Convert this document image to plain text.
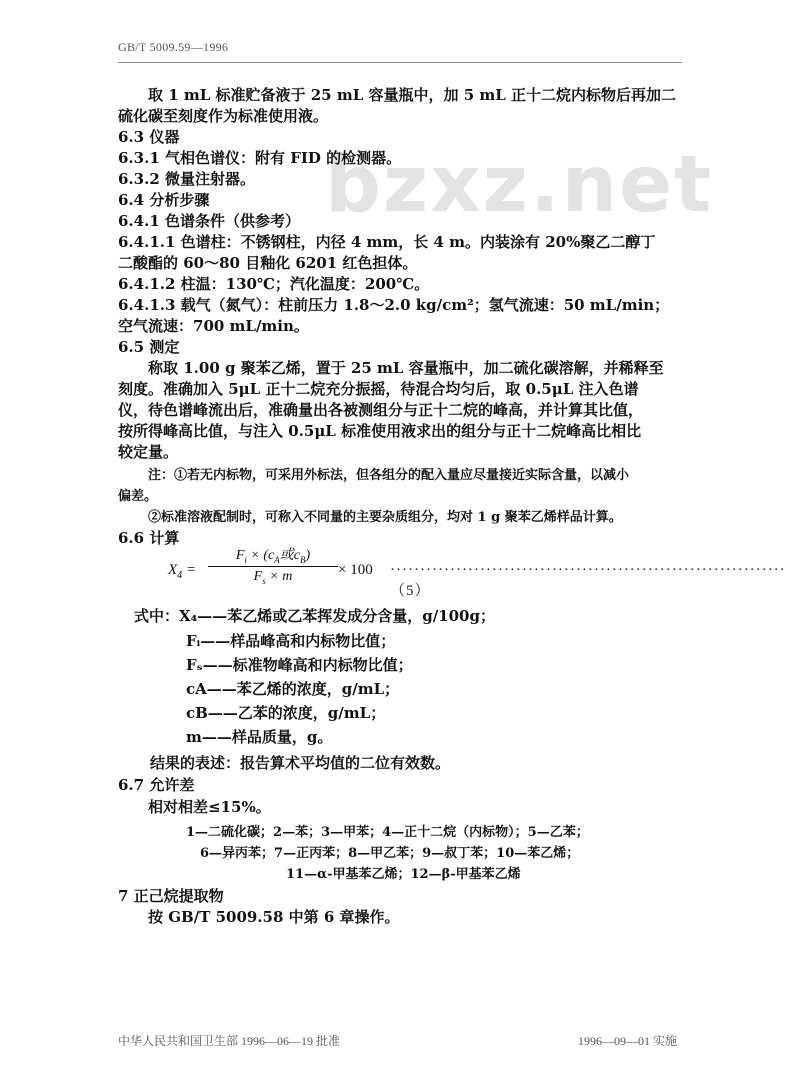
GB/T 5009.59—1996
bzxz.net
取 1 mL 标准贮备液于 25 mL 容量瓶中，加 5 mL 正十二烷内标物后再加二
硫化碳至刻度作为标准使用液。
6.3 仪器
6.3.1 气相色谱仪：附有 FID 的检测器。
6.3.2 微量注射器。
6.4 分析步骤
6.4.1 色谱条件（供参考）
6.4.1.1 色谱柱：不锈钢柱，内径 4 mm，长 4 m。内装涂有 20%聚乙二醇丁
二酸酯的 60～80 目釉化 6201 红色担体。
6.4.1.2 柱温：130℃；汽化温度：200℃。
6.4.1.3 载气（氮气）：柱前压力 1.8～2.0 kg/cm²；氢气流速：50 mL/min；
空气流速：700 mL/min。
6.5 测定
称取 1.00 g 聚苯乙烯，置于 25 mL 容量瓶中，加二硫化碳溶解，并稀释至
刻度。准确加入 5μL 正十二烷充分振摇，待混合均匀后，取 0.5μL 注入色谱
仪，待色谱峰流出后，准确量出各被测组分与正十二烷的峰高，并计算其比值，
按所得峰高比值，与注入 0.5μL 标准使用液求出的组分与正十二烷峰高比相比
较定量。
注：①若无内标物，可采用外标法，但各组分的配入量应尽量接近实际含量，以减小
偏差。
②标准溶液配制时，可称入不同量的主要杂质组分，均对 1 g 聚苯乙烯样品计算。
6.6 计算
$X_4$ =
$F_i \times (c_A$或$c_B$)
$F_s \times m$	× 100 ··································································（5）
式中：X₄——苯乙烯或乙苯挥发成分含量，g/100g；
Fᵢ——样品峰高和内标物比值；
Fₛ——标准物峰高和内标物比值；
cA——苯乙烯的浓度，g/mL；
cB——乙苯的浓度，g/mL；
m——样品质量，g。
结果的表述：报告算术平均值的二位有效数。
6.7 允许差
相对相差≤15%。
1—二硫化碳；2—苯；3—甲苯；4—正十二烷（内标物）；5—乙苯；
6—异丙苯；7—正丙苯；8—甲乙苯；9—叔丁苯；10—苯乙烯；
11—α-甲基苯乙烯；12—β-甲基苯乙烯
7 正己烷提取物
按 GB/T 5009.58 中第 6 章操作。
中华人民共和国卫生部 1996—06—19 批准	1996—09—01 实施
